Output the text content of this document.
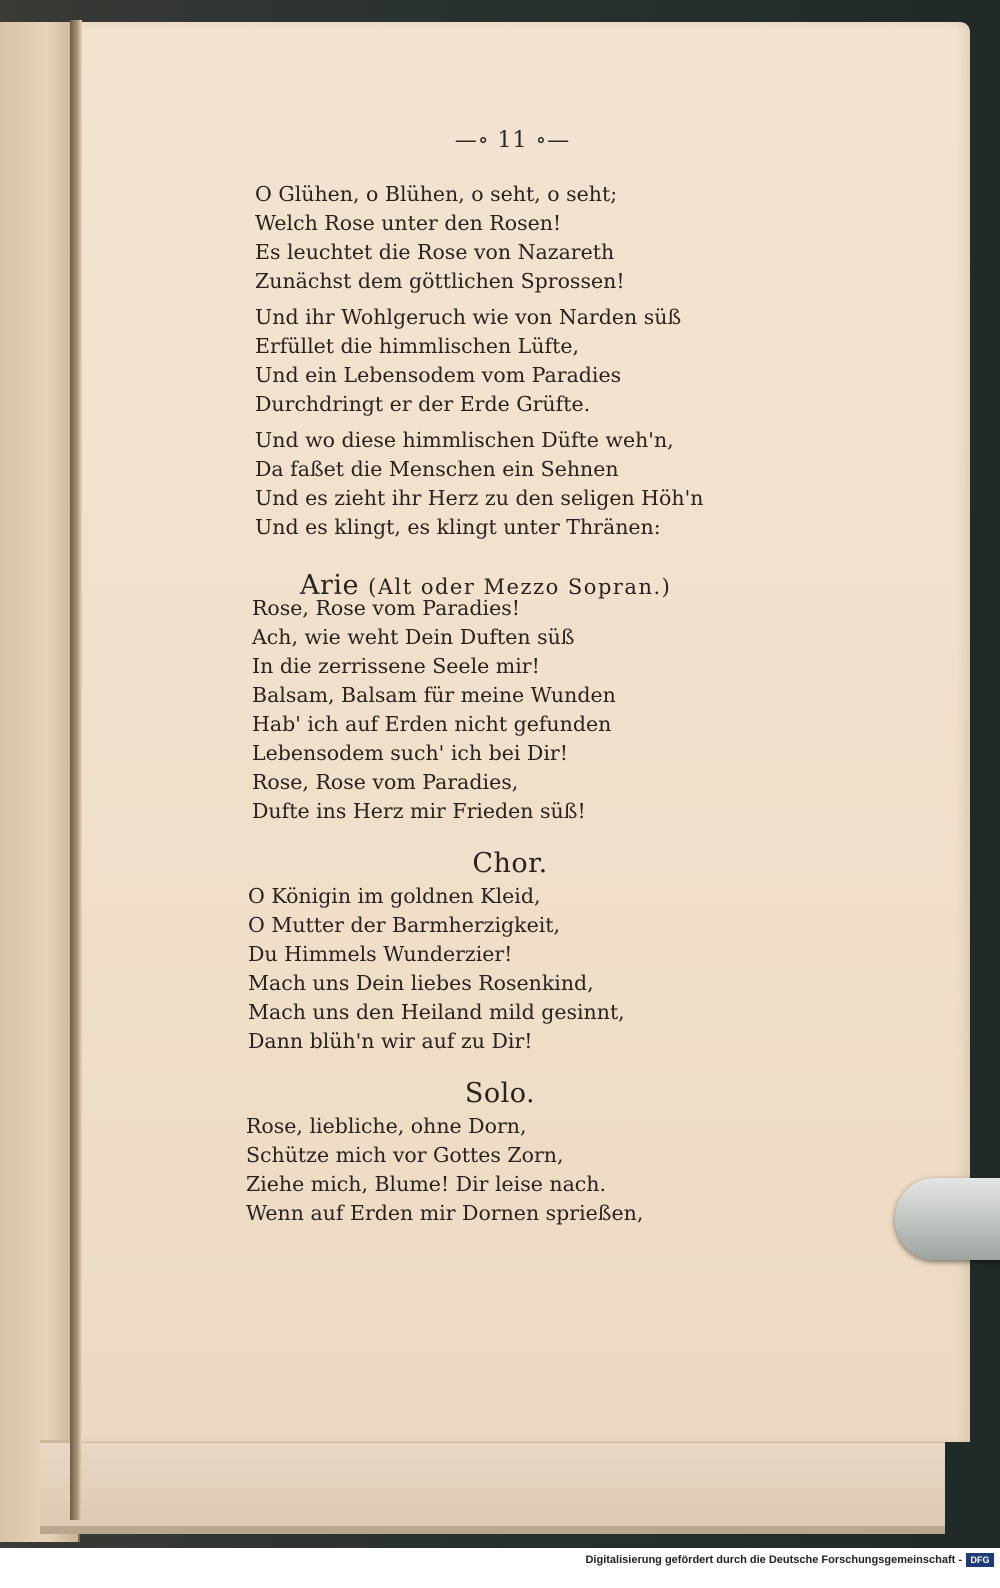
—∘ 11 ∘—
O Glühen, o Blühen, o seht, o seht;
Welch Rose unter den Rosen!
Es leuchtet die Rose von Nazareth
Zunächst dem göttlichen Sprossen!
Und ihr Wohlgeruch wie von Narden süß
Erfüllet die himmlischen Lüfte,
Und ein Lebensodem vom Paradies
Durchdringt er der Erde Grüfte.
Und wo diese himmlischen Düfte weh'n,
Da faßet die Menschen ein Sehnen
Und es zieht ihr Herz zu den seligen Höh'n
Und es klingt, es klingt unter Thränen:
Arie (Alt oder Mezzo Sopran.)
Rose, Rose vom Paradies!
Ach, wie weht Dein Duften süß
In die zerrissene Seele mir!
Balsam, Balsam für meine Wunden
Hab' ich auf Erden nicht gefunden
Lebensodem such' ich bei Dir!
Rose, Rose vom Paradies,
Dufte ins Herz mir Frieden süß!
Chor.
O Königin im goldnen Kleid,
O Mutter der Barmherzigkeit,
Du Himmels Wunderzier!
Mach uns Dein liebes Rosenkind,
Mach uns den Heiland mild gesinnt,
Dann blüh'n wir auf zu Dir!
Solo.
Rose, liebliche, ohne Dorn,
Schütze mich vor Gottes Zorn,
Ziehe mich, Blume! Dir leise nach.
Wenn auf Erden mir Dornen sprießen,
Digitalisierung gefördert durch die Deutsche Forschungsgemeinschaft - DFG
